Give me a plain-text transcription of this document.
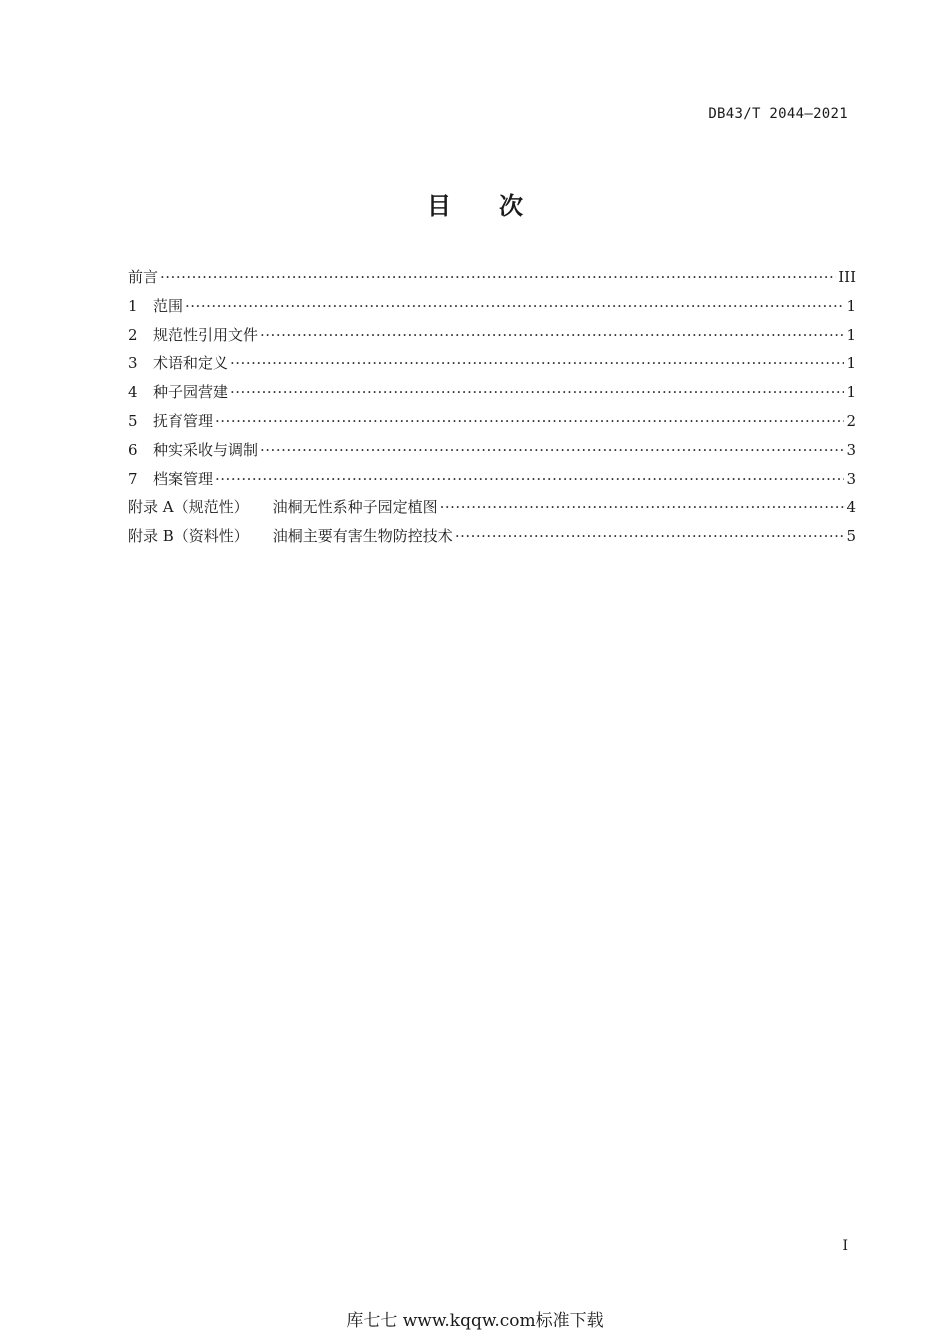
DB43/T 2044—2021
目 次
前言 ·····	III
1	范围 ·····	1
2	规范性引用文件 ·····	1
3	术语和定义 ·····	1
4	种子园营建 ·····	1
5	抚育管理 ·····	2
6	种实采收与调制 ·····	3
7	档案管理 ·····	3
附录 A（规范性） 油桐无性系种子园定植图 ·····	4
附录 B（资料性） 油桐主要有害生物防控技术 ·····	5
I
库七七 www.kqqw.com标准下载
